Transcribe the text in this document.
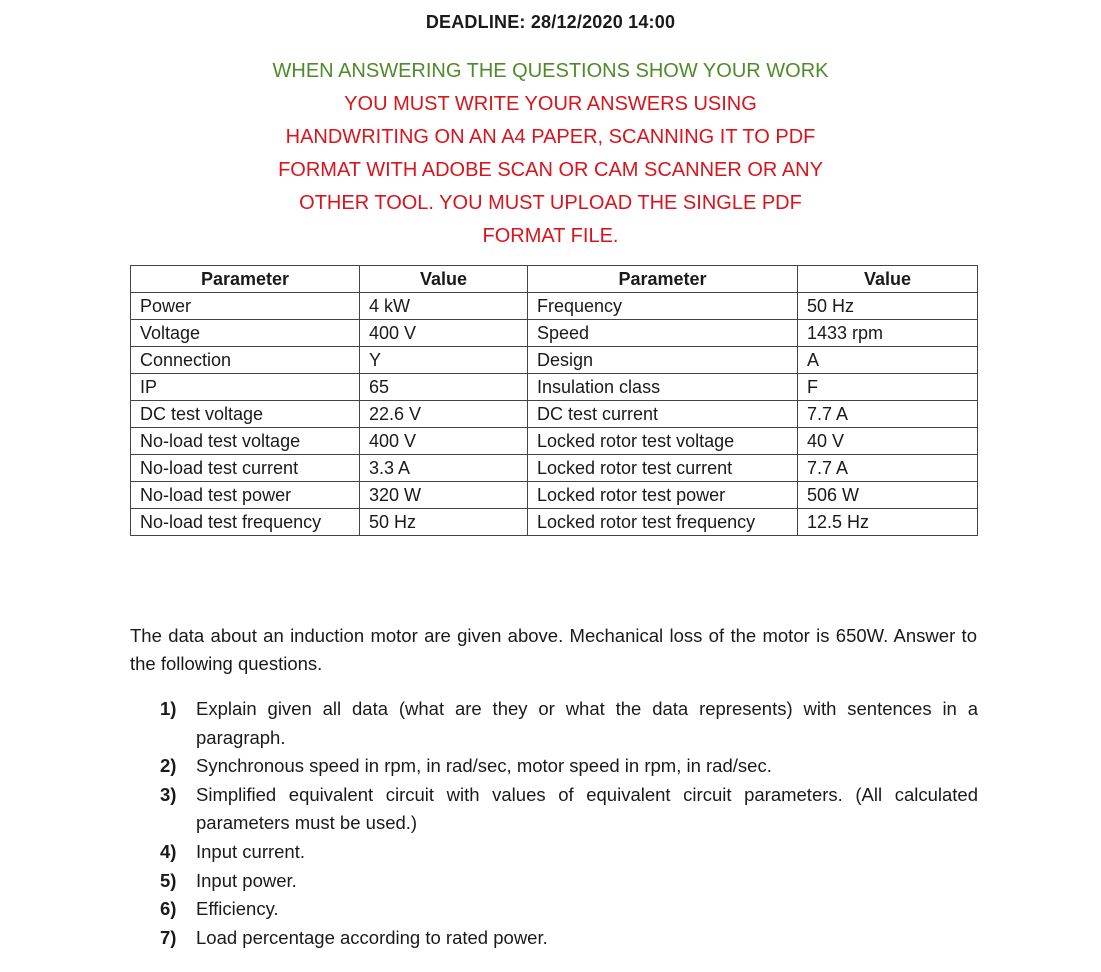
DEADLINE: 28/12/2020 14:00
WHEN ANSWERING THE QUESTIONS SHOW YOUR WORK
YOU MUST WRITE YOUR ANSWERS USING
HANDWRITING ON AN A4 PAPER, SCANNING IT TO PDF
FORMAT WITH ADOBE SCAN OR CAM SCANNER OR ANY
OTHER TOOL. YOU MUST UPLOAD THE SINGLE PDF
FORMAT FILE.
Parameter	Value	Parameter	Value
Power	4 kW	Frequency	50 Hz
Voltage	400 V	Speed	1433 rpm
Connection	Y	Design	A
IP	65	Insulation class	F
DC test voltage	22.6 V	DC test current	7.7 A
No-load test voltage	400 V	Locked rotor test voltage	40 V
No-load test current	3.3 A	Locked rotor test current	7.7 A
No-load test power	320 W	Locked rotor test power	506 W
No-load test frequency	50 Hz	Locked rotor test frequency	12.5 Hz
The data about an induction motor are given above. Mechanical loss of the motor is 650W. Answer to the following questions.
1) Explain given all data (what are they or what the data represents) with sentences in a paragraph.
2) Synchronous speed in rpm, in rad/sec, motor speed in rpm, in rad/sec.
3) Simplified equivalent circuit with values of equivalent circuit parameters. (All calculated parameters must be used.)
4) Input current.
5) Input power.
6) Efficiency.
7) Load percentage according to rated power.
